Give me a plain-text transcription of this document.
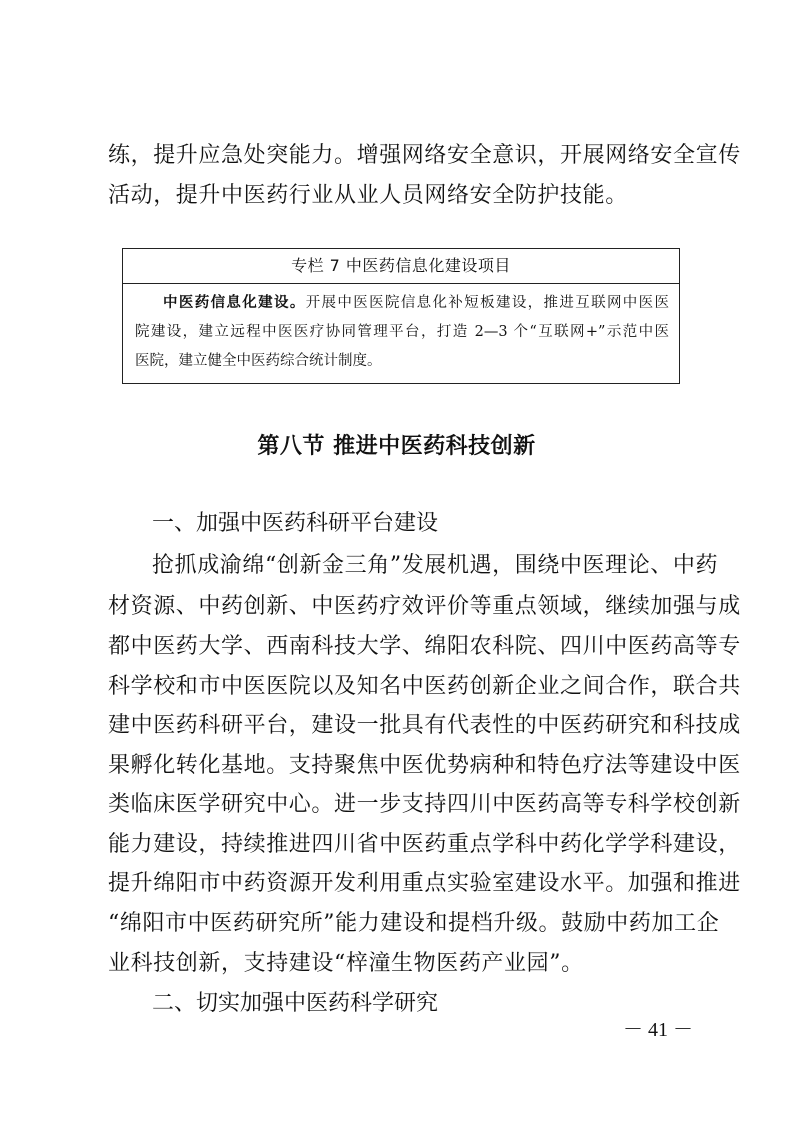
练，提升应急处突能力。增强网络安全意识，开展网络安全宣传
活动，提升中医药行业从业人员网络安全防护技能。
专栏 7 中医药信息化建设项目
中医药信息化建设。开展中医医院信息化补短板建设，推进互联网中医医
院建设，建立远程中医医疗协同管理平台，打造 2—3 个“互联网+”示范中医
医院，建立健全中医药综合统计制度。
第八节 推进中医药科技创新
一、加强中医药科研平台建设
抢抓成渝绵“创新金三角”发展机遇，围绕中医理论、中药
材资源、中药创新、中医药疗效评价等重点领域，继续加强与成
都中医药大学、西南科技大学、绵阳农科院、四川中医药高等专
科学校和市中医医院以及知名中医药创新企业之间合作，联合共
建中医药科研平台，建设一批具有代表性的中医药研究和科技成
果孵化转化基地。支持聚焦中医优势病种和特色疗法等建设中医
类临床医学研究中心。进一步支持四川中医药高等专科学校创新
能力建设，持续推进四川省中医药重点学科中药化学学科建设，
提升绵阳市中药资源开发利用重点实验室建设水平。加强和推进
“绵阳市中医药研究所”能力建设和提档升级。鼓励中药加工企
业科技创新，支持建设“梓潼生物医药产业园”。
二、切实加强中医药科学研究
－ 41 －
